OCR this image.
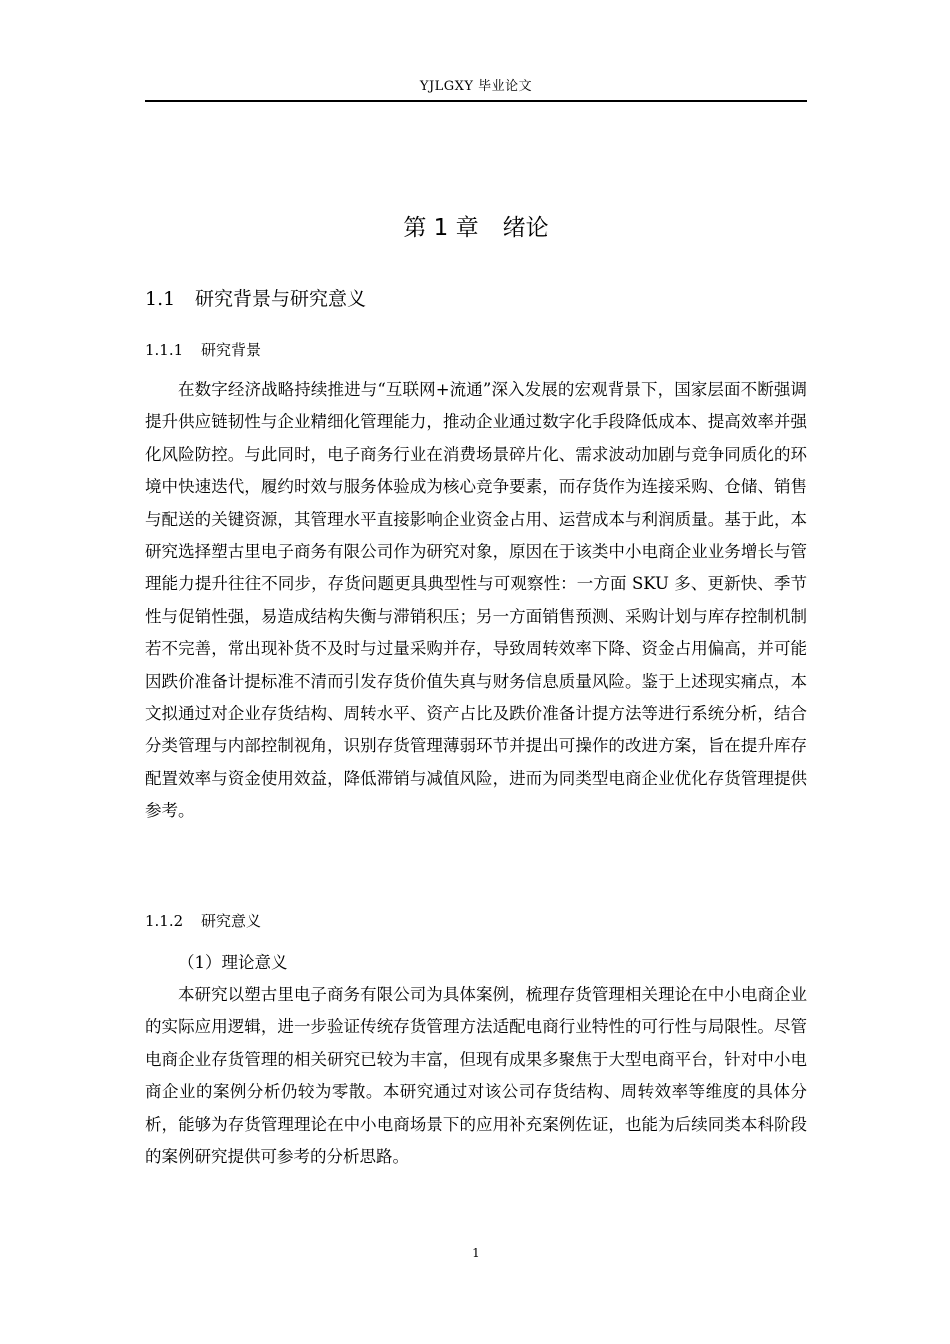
YJLGXY 毕业论文
第 1 章 绪论
1.1 研究背景与研究意义
1.1.1 研究背景

在数字经济战略持续推进与“互联网+流通”深入发展的宏观背景下，国家层面不断强调提升供应链韧性与企业精细化管理能力，推动企业通过数字化手段降低成本、提高效率并强化风险防控。与此同时，电子商务行业在消费场景碎片化、需求波动加剧与竞争同质化的环境中快速迭代，履约时效与服务体验成为核心竞争要素，而存货作为连接采购、仓储、销售与配送的关键资源，其管理水平直接影响企业资金占用、运营成本与利润质量。基于此，本研究选择塑古里电子商务有限公司作为研究对象，原因在于该类中小电商企业业务增长与管理能力提升往往不同步，存货问题更具典型性与可观察性：一方面 SKU 多、更新快、季节性与促销性强，易造成结构失衡与滞销积压；另一方面销售预测、采购计划与库存控制机制若不完善，常出现补货不及时与过量采购并存，导致周转效率下降、资金占用偏高，并可能因跌价准备计提标准不清而引发存货价值失真与财务信息质量风险。鉴于上述现实痛点，本文拟通过对企业存货结构、周转水平、资产占比及跌价准备计提方法等进行系统分析，结合分类管理与内部控制视角，识别存货管理薄弱环节并提出可操作的改进方案，旨在提升库存配置效率与资金使用效益，降低滞销与减值风险，进而为同类型电商企业优化存货管理提供参考。

1.1.2 研究意义
（1）理论意义

本研究以塑古里电子商务有限公司为具体案例，梳理存货管理相关理论在中小电商企业的实际应用逻辑，进一步验证传统存货管理方法适配电商行业特性的可行性与局限性。尽管电商企业存货管理的相关研究已较为丰富，但现有成果多聚焦于大型电商平台，针对中小电商企业的案例分析仍较为零散。本研究通过对该公司存货结构、周转效率等维度的具体分析，能够为存货管理理论在中小电商场景下的应用补充案例佐证，也能为后续同类本科阶段的案例研究提供可参考的分析思路。

1
